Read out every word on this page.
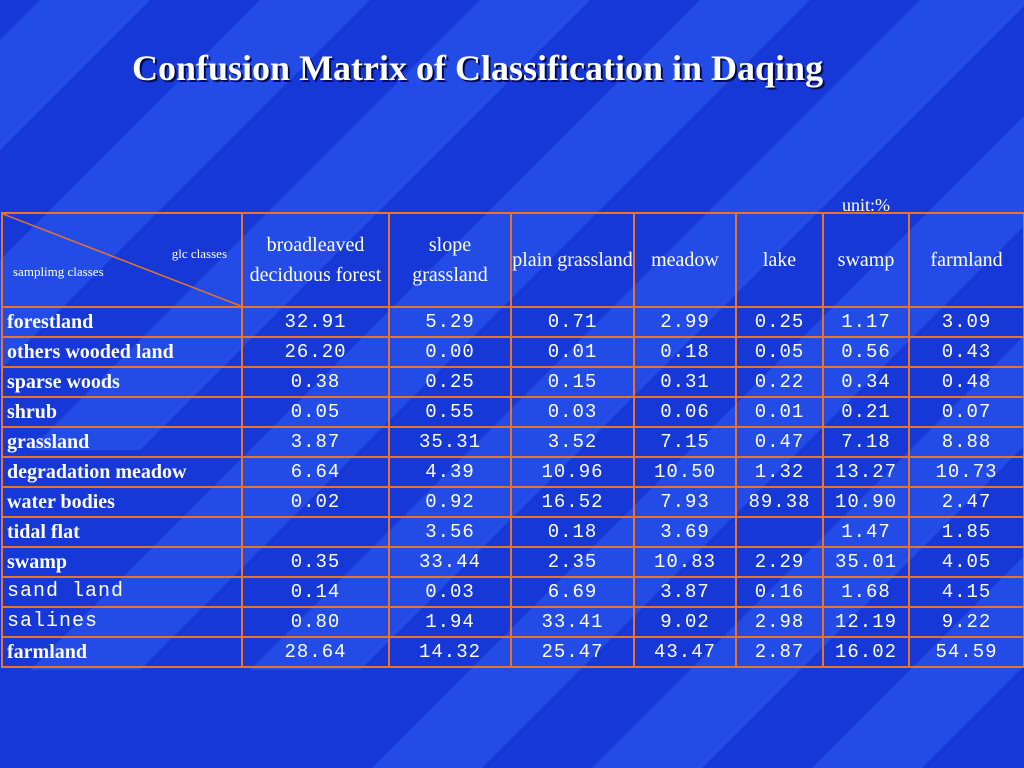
Confusion Matrix of Classification in Daqing
unit:%
glc classes
samplimg classes	broadleaved deciduous forest	slope grassland	plain grassland	meadow	lake	swamp	farmland
forestland	32.91	5.29	0.71	2.99	0.25	1.17	3.09
others wooded land	26.20	0.00	0.01	0.18	0.05	0.56	0.43
sparse woods	0.38	0.25	0.15	0.31	0.22	0.34	0.48
shrub	0.05	0.55	0.03	0.06	0.01	0.21	0.07
grassland	3.87	35.31	3.52	7.15	0.47	7.18	8.88
degradation meadow	6.64	4.39	10.96	10.50	1.32	13.27	10.73
water bodies	0.02	0.92	16.52	7.93	89.38	10.90	2.47
tidal flat		3.56	0.18	3.69		1.47	1.85
swamp	0.35	33.44	2.35	10.83	2.29	35.01	4.05
sand land	0.14	0.03	6.69	3.87	0.16	1.68	4.15
salines	0.80	1.94	33.41	9.02	2.98	12.19	9.22
farmland	28.64	14.32	25.47	43.47	2.87	16.02	54.59
